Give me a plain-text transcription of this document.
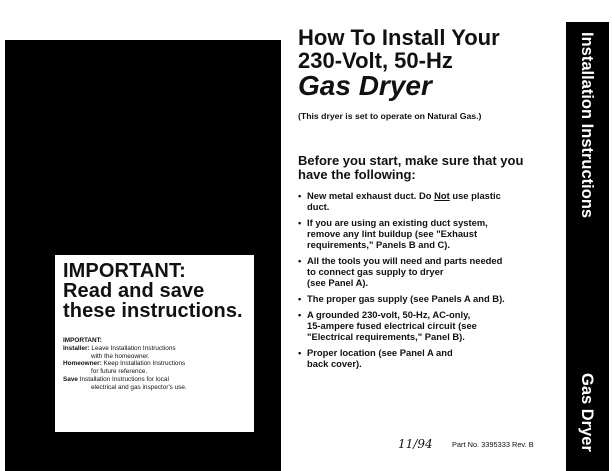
IMPORTANT:
Read and save
these instructions.
IMPORTANT:
Installer: Leave Installation Instructions
with the homeowner.
Homeowner: Keep Installation Instructions
for future reference.
Save Installation Instructions for local
electrical and gas inspector's use.
How To Install Your
230-Volt, 50-Hz
Gas Dryer
(This dryer is set to operate on Natural Gas.)
Before you start, make sure that you
have the following:
• New metal exhaust duct. Do Not use plastic
duct.
• If you are using an existing duct system,
remove any lint buildup (see "Exhaust
requirements," Panels B and C).
• All the tools you will need and parts needed
to connect gas supply to dryer
(see Panel A).
• The proper gas supply (see Panels A and B).
• A grounded 230-volt, 50-Hz, AC-only,
15-ampere fused electrical circuit (see
"Electrical requirements," Panel B).
• Proper location (see Panel A and
back cover).
Installation Instructions
Gas Dryer
11/94	Part No. 3395333 Rev. B
